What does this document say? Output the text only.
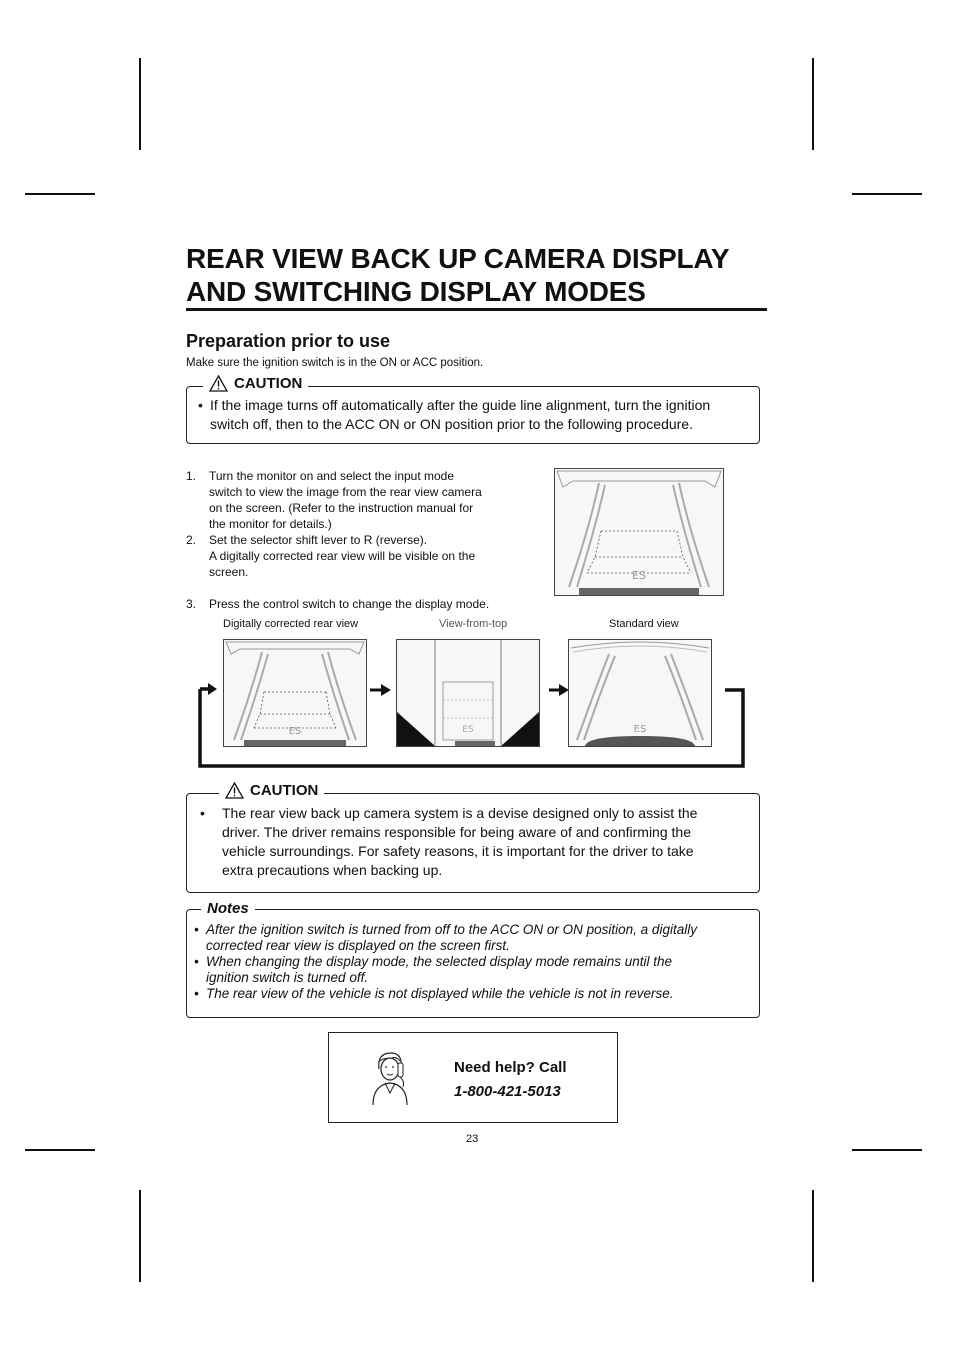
REAR VIEW BACK UP CAMERA DISPLAY
AND SWITCHING DISPLAY MODES
Preparation prior to use
Make sure the ignition switch is in the ON or ACC position.
CAUTION
• If the image turns off automatically after the guide line alignment, turn the ignition
switch off, then to the ACC ON or ON position prior to the following procedure.
1.	Turn the monitor on and select the input mode
switch to view the image from the rear view camera
on the screen. (Refer to the instruction manual for
the monitor for details.)
2.	Set the selector shift lever to R (reverse).
A digitally corrected rear view will be visible on the
screen.
3.	Press the control switch to change the display mode.
ES
Digitally corrected rear view	View-from-top	Standard view
ES	ES	ES
CAUTION
•	The rear view back up camera system is a devise designed only to assist the
driver. The driver remains responsible for being aware of and confirming the
vehicle surroundings. For safety reasons, it is important for the driver to take
extra precautions when backing up.
Notes
• After the ignition switch is turned from off to the ACC ON or ON position, a digitally
corrected rear view is displayed on the screen first.
• When changing the display mode, the selected display mode remains until the
ignition switch is turned off.
• The rear view of the vehicle is not displayed while the vehicle is not in reverse.
Need help? Call
1-800-421-5013
23
